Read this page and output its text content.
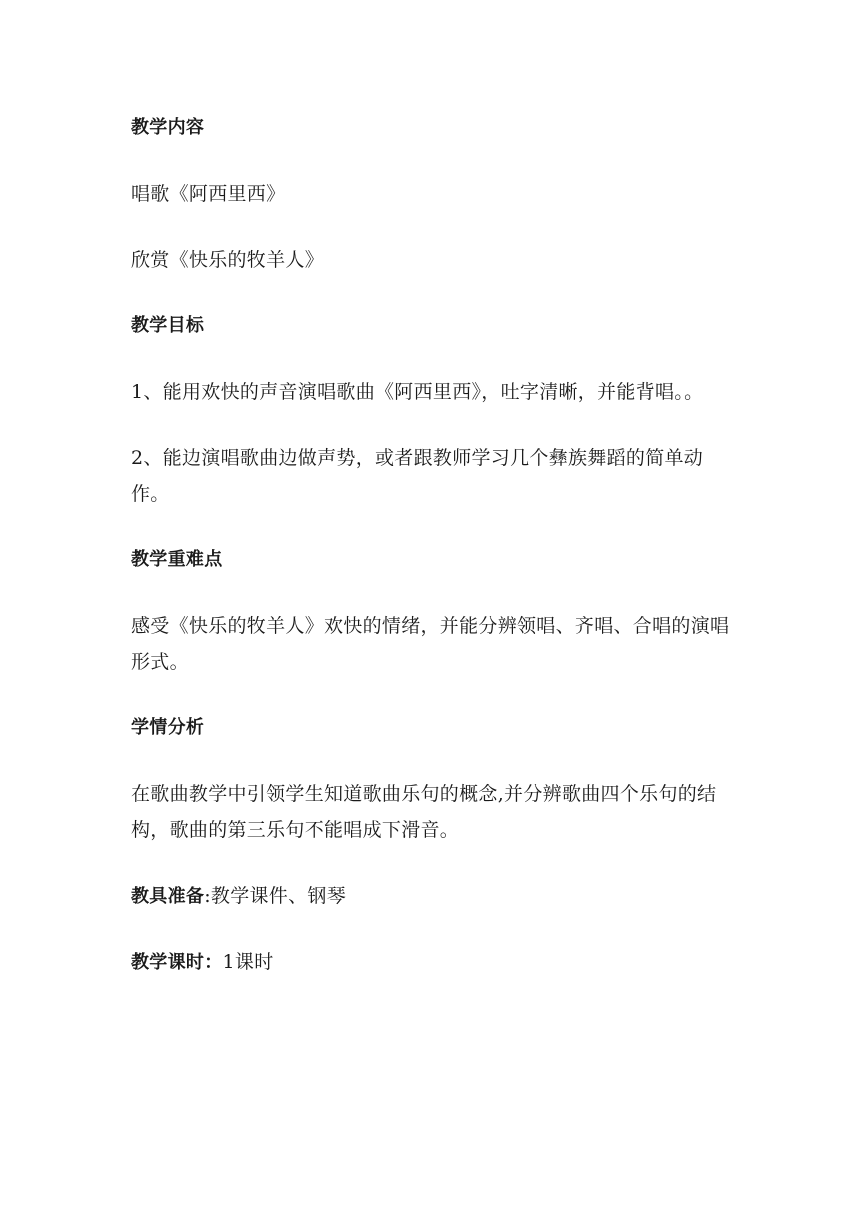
教学内容

唱歌《阿西里西》

欣赏《快乐的牧羊人》

教学目标

1、能用欢快的声音演唱歌曲《阿西里西》，吐字清晰，并能背唱。。

2、能边演唱歌曲边做声势，或者跟教师学习几个彝族舞蹈的简单动作。

教学重难点

感受《快乐的牧羊人》欢快的情绪，并能分辨领唱、齐唱、合唱的演唱形式。

学情分析

在歌曲教学中引领学生知道歌曲乐句的概念,并分辨歌曲四个乐句的结构，歌曲的第三乐句不能唱成下滑音。

教具准备:教学课件、钢琴

教学课时：1课时
